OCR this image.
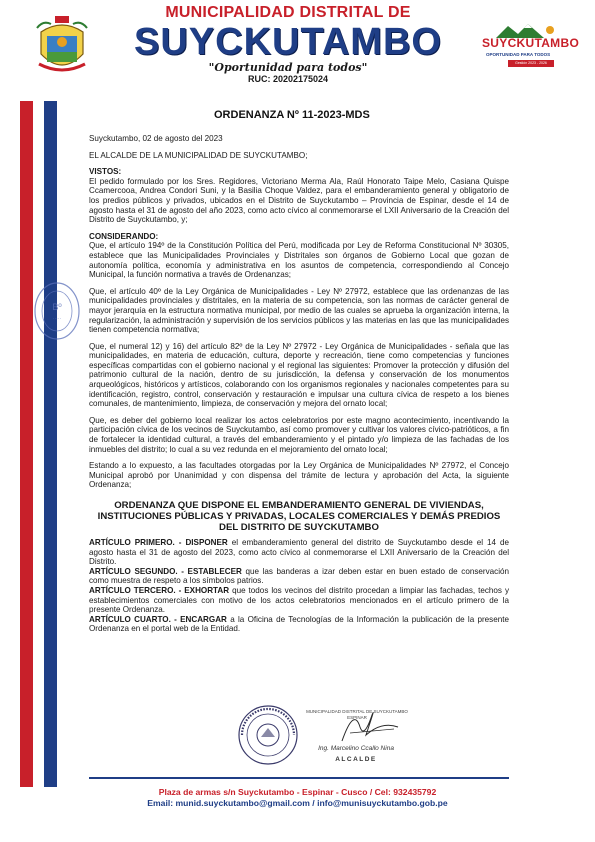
MUNICIPALIDAD DISTRITAL DE
SUYCKUTAMBO
"Oportunidad para todos"
RUC: 20202175024
SUYCKUTAMBO
OPORTUNIDAD PARA TODOS
Gestión 2023 - 2026
ORDENANZA Nº 11-2023-MDS

Suyckutambo, 02 de agosto del 2023

EL ALCALDE DE LA MUNICIPALIDAD DE SUYCKUTAMBO;

VISTOS:

El pedido formulado por los Sres. Regidores, Victoriano Merma Ala, Raúl Honorato Taipe Melo, Casiana Quispe Ccamercooa, Andrea Condori Suni, y la Basilia Choque Valdez, para el embanderamiento general y obligatorio de los predios públicos y privados, ubicados en el Distrito de Suyckutambo – Provincia de Espinar, desde el 14 de agosto hasta el 31 de agosto del año 2023, como acto cívico al conmemorarse el LXII Aniversario de la Creación del Distrito de Suyckutambo, y;

CONSIDERANDO:

Que, el artículo 194º de la Constitución Política del Perú, modificada por Ley de Reforma Constitucional Nº 30305, establece que las Municipalidades Provinciales y Distritales son órganos de Gobierno Local que gozan de autonomía política, economía y administrativa en los asuntos de competencia, correspondiendo al Concejo Municipal, la función normativa a través de Ordenanzas;

Que, el artículo 40º de la Ley Orgánica de Municipalidades - Ley Nº 27972, establece que las ordenanzas de las municipalidades provinciales y distritales, en la materia de su competencia, son las normas de carácter general de mayor jerarquía en la estructura normativa municipal, por medio de las cuales se aprueba la organización interna, la regularización, la administración y supervisión de los servicios públicos y las materias en las que las municipalidades tienen competencia normativa;

Que, el numeral 12) y 16) del artículo 82º de la Ley Nº 27972 - Ley Orgánica de Municipalidades - señala que las municipalidades, en materia de educación, cultura, deporte y recreación, tiene como competencias y funciones específicas compartidas con el gobierno nacional y el regional las siguientes: Promover la protección y difusión del patrimonio cultural de la nación, dentro de su jurisdicción, la defensa y conservación de los monumentos arqueológicos, históricos y artísticos, colaborando con los organismos regionales y nacionales competentes para su identificación, registro, control, conservación y restauración e impulsar una cultura cívica de respeto a los bienes comunales, de mantenimiento, limpieza, de conservación y mejora del ornato local;

Que, es deber del gobierno local realizar los actos celebratorios por este magno acontecimiento, incentivando la participación cívica de los vecinos de Suyckutambo, así como promover y cultivar los valores cívico-patrióticos, a fin de fortalecer la identidad cultural, a través del embanderamiento y el pintado y/o limpieza de las fachadas de los inmuebles del distrito; lo cual a su vez redunda en el mejoramiento del ornato local;

Estando a lo expuesto, a las facultades otorgadas por la Ley Orgánica de Municipalidades Nº 27972, el Concejo Municipal aprobó por Unanimidad y con dispensa del trámite de lectura y aprobación del Acta, la siguiente Ordenanza;

ORDENANZA QUE DISPONE EL EMBANDERAMIENTO GENERAL DE VIVIENDAS, INSTITUCIONES PÚBLICAS Y PRIVADAS, LOCALES COMERCIALES Y DEMÁS PREDIOS DEL DISTRITO DE SUYCKUTAMBO

ARTÍCULO PRIMERO. - DISPONER el embanderamiento general del distrito de Suyckutambo desde el 14 de agosto hasta el 31 de agosto del 2023, como acto cívico al conmemorarse el LXII Aniversario de la Creación del Distrito.

ARTÍCULO SEGUNDO. - ESTABLECER que las banderas a izar deben estar en buen estado de conservación como muestra de respeto a los símbolos patrios.

ARTÍCULO TERCERO. - EXHORTAR que todos los vecinos del distrito procedan a limpiar las fachadas, techos y establecimientos comerciales con motivo de los actos celebratorios mencionados en el artículo primero de la presente Ordenanza.

ARTÍCULO CUARTO. - ENCARGAR a la Oficina de Tecnologías de la Información la publicación de la presente Ordenanza en el portal web de la Entidad.

Bº
·····
MUNICIPALIDAD DISTRITAL DE SUYCKUTAMBO
ESPINAR
Ing. Marcelino Ccallo Nina
ALCALDE
Plaza de armas s/n Suyckutambo - Espinar - Cusco / Cel: 932435792
Email: munid.suyckutambo@gmail.com / info@munisuyckutambo.gob.pe
